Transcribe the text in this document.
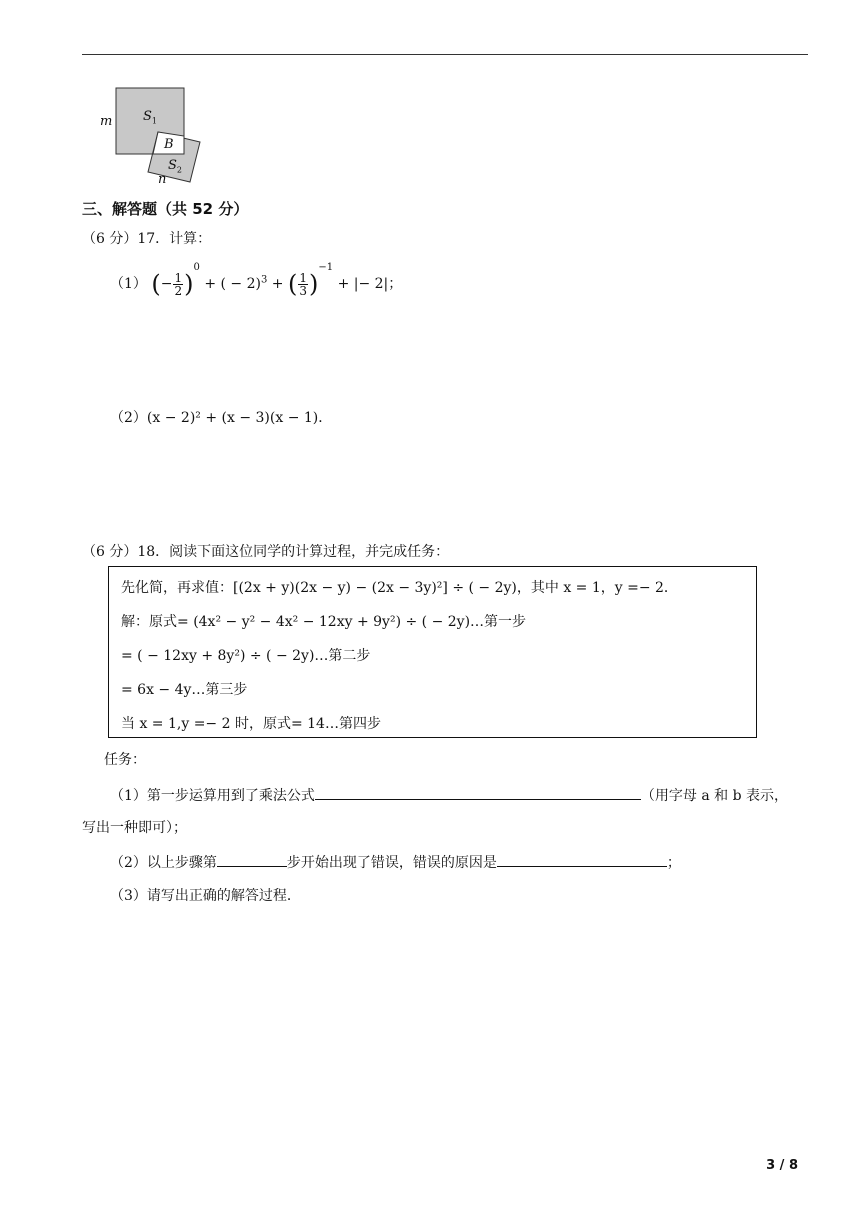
m $S_1$
B
$S_2$
n
三、解答题（共 52 分）
（6 分）17．计算：
（1） (− $\frac{1}{2} )^0$ + ( − 2)$^3$ + ( $\frac{1}{3} )^{-1}$ + |− 2|；
（2）(x − 2)² + (x − 3)(x − 1)．
（6 分）18．阅读下面这位同学的计算过程，并完成任务：
先化简，再求值：[(2x + y)(2x − y) − (2x − 3y)²] ÷ ( − 2y)，其中 x = 1，y =− 2．
解：原式= (4x² − y² − 4x² − 12xy + 9y²) ÷ ( − 2y)…第一步
= ( − 12xy + 8y²) ÷ ( − 2y)…第二步
= 6x − 4y…第三步
当 x = 1,y =− 2 时，原式= 14…第四步
任务：
（1）第一步运算用到了乘法公式	（用字母 a 和 b 表示，
写出一种即可）；
（2）以上步骤第	步开始出现了错误，错误的原因是	；
（3）请写出正确的解答过程．
3 / 8
